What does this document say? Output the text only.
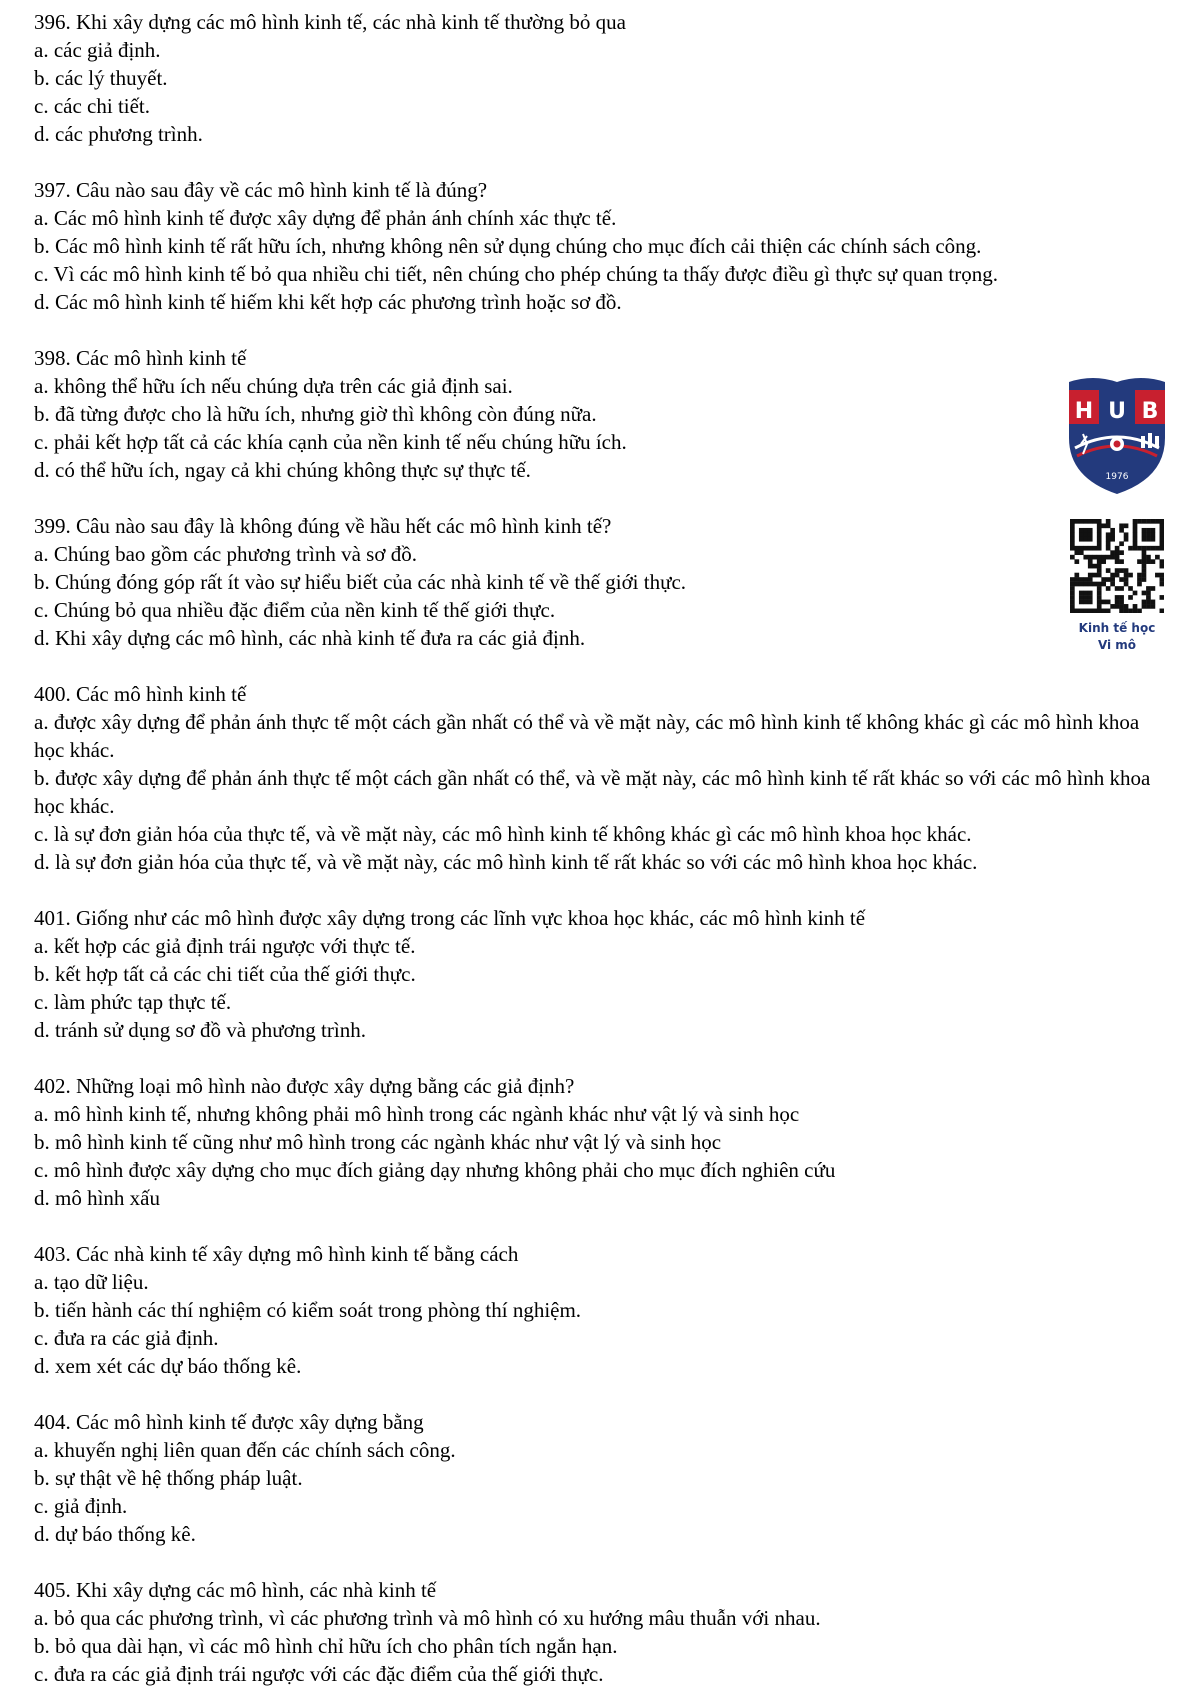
396. Khi xây dựng các mô hình kinh tế, các nhà kinh tế thường bỏ qua

a. các giả định.

b. các lý thuyết.

c. các chi tiết.

d. các phương trình.

397. Câu nào sau đây về các mô hình kinh tế là đúng?

a. Các mô hình kinh tế được xây dựng để phản ánh chính xác thực tế.

b. Các mô hình kinh tế rất hữu ích, nhưng không nên sử dụng chúng cho mục đích cải thiện các chính sách công.

c. Vì các mô hình kinh tế bỏ qua nhiều chi tiết, nên chúng cho phép chúng ta thấy được điều gì thực sự quan trọng.

d. Các mô hình kinh tế hiếm khi kết hợp các phương trình hoặc sơ đồ.

398. Các mô hình kinh tế

a. không thể hữu ích nếu chúng dựa trên các giả định sai.

b. đã từng được cho là hữu ích, nhưng giờ thì không còn đúng nữa.

c. phải kết hợp tất cả các khía cạnh của nền kinh tế nếu chúng hữu ích.

d. có thể hữu ích, ngay cả khi chúng không thực sự thực tế.

399. Câu nào sau đây là không đúng về hầu hết các mô hình kinh tế?

a. Chúng bao gồm các phương trình và sơ đồ.

b. Chúng đóng góp rất ít vào sự hiểu biết của các nhà kinh tế về thế giới thực.

c. Chúng bỏ qua nhiều đặc điểm của nền kinh tế thế giới thực.

d. Khi xây dựng các mô hình, các nhà kinh tế đưa ra các giả định.

400. Các mô hình kinh tế

a. được xây dựng để phản ánh thực tế một cách gần nhất có thể và về mặt này, các mô hình kinh tế không khác gì các mô hình khoa học khác.

b. được xây dựng để phản ánh thực tế một cách gần nhất có thể, và về mặt này, các mô hình kinh tế rất khác so với các mô hình khoa học khác.

c. là sự đơn giản hóa của thực tế, và về mặt này, các mô hình kinh tế không khác gì các mô hình khoa học khác.

d. là sự đơn giản hóa của thực tế, và về mặt này, các mô hình kinh tế rất khác so với các mô hình khoa học khác.

401. Giống như các mô hình được xây dựng trong các lĩnh vực khoa học khác, các mô hình kinh tế

a. kết hợp các giả định trái ngược với thực tế.

b. kết hợp tất cả các chi tiết của thế giới thực.

c. làm phức tạp thực tế.

d. tránh sử dụng sơ đồ và phương trình.

402. Những loại mô hình nào được xây dựng bằng các giả định?

a. mô hình kinh tế, nhưng không phải mô hình trong các ngành khác như vật lý và sinh học

b. mô hình kinh tế cũng như mô hình trong các ngành khác như vật lý và sinh học

c. mô hình được xây dựng cho mục đích giảng dạy nhưng không phải cho mục đích nghiên cứu

d. mô hình xấu

403. Các nhà kinh tế xây dựng mô hình kinh tế bằng cách

a. tạo dữ liệu.

b. tiến hành các thí nghiệm có kiểm soát trong phòng thí nghiệm.

c. đưa ra các giả định.

d. xem xét các dự báo thống kê.

404. Các mô hình kinh tế được xây dựng bằng

a. khuyến nghị liên quan đến các chính sách công.

b. sự thật về hệ thống pháp luật.

c. giả định.

d. dự báo thống kê.

405. Khi xây dựng các mô hình, các nhà kinh tế

a. bỏ qua các phương trình, vì các phương trình và mô hình có xu hướng mâu thuẫn với nhau.

b. bỏ qua dài hạn, vì các mô hình chỉ hữu ích cho phân tích ngắn hạn.

c. đưa ra các giả định trái ngược với các đặc điểm của thế giới thực.

H U B
1976
Kinh tế học
Vi mô
